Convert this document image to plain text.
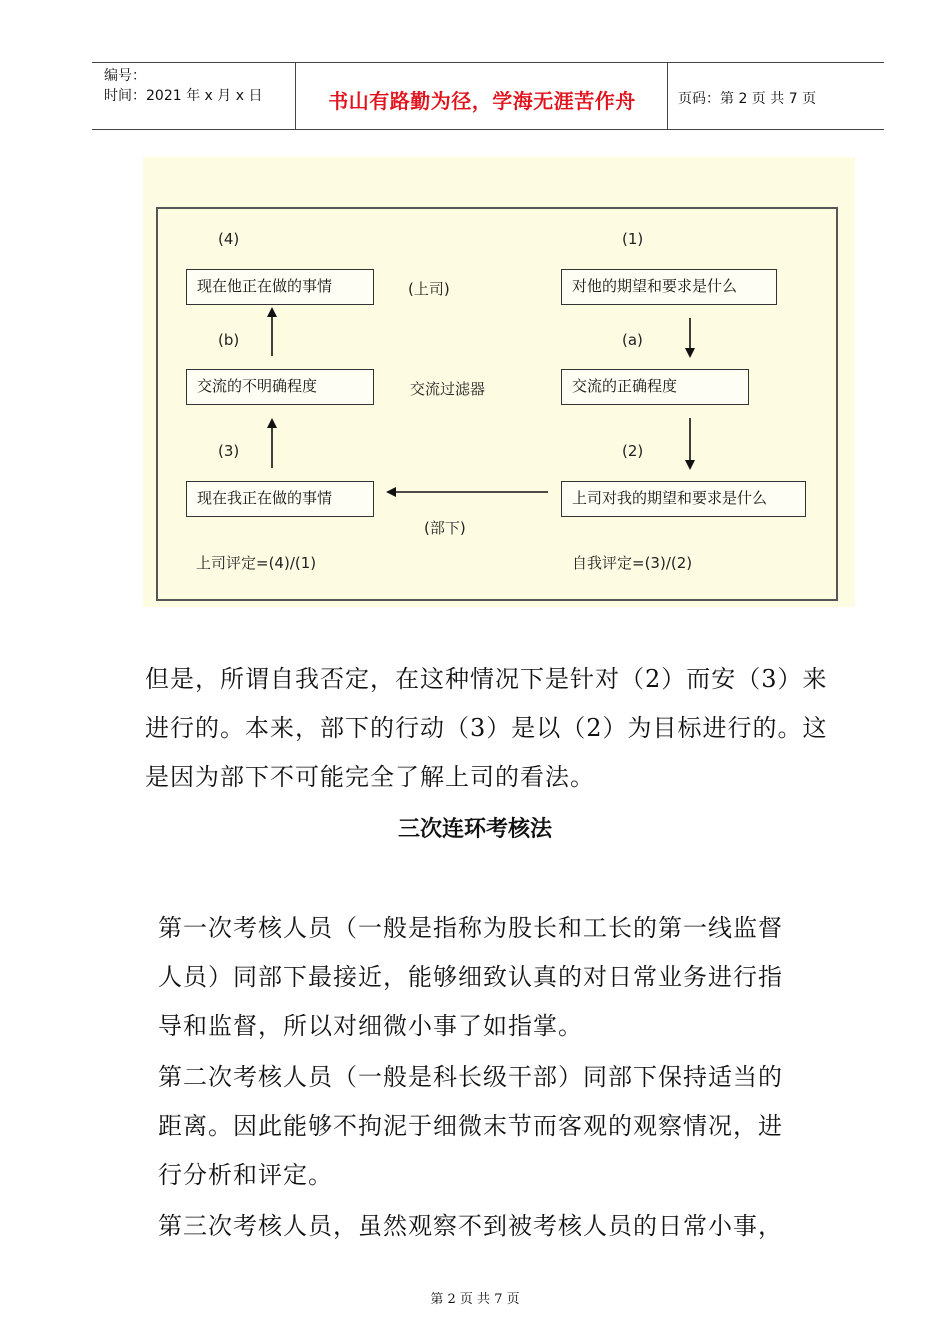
编号：
时间：2021 年 x 月 x 日	书山有路勤为径，学海无涯苦作舟	页码：第 2 页 共 7 页
(4)	(1)
现在他正在做的事情	(上司)	对他的期望和要求是什么
(b)	(a)
交流的不明确程度	交流过滤器	交流的正确程度
(3)	(2)
现在我正在做的事情	上司对我的期望和要求是什么
(部下)
上司评定=(4)/(1)	自我评定=(3)/(2)
但是，所谓自我否定，在这种情况下是针对（2）而安（3）来
进行的。本来，部下的行动（3）是以（2）为目标进行的。这
是因为部下不可能完全了解上司的看法。
三次连环考核法
第一次考核人员（一般是指称为股长和工长的第一线监督
人员）同部下最接近，能够细致认真的对日常业务进行指
导和监督，所以对细微小事了如指掌。
第二次考核人员（一般是科长级干部）同部下保持适当的
距离。因此能够不拘泥于细微末节而客观的观察情况，进
行分析和评定。
第三次考核人员，虽然观察不到被考核人员的日常小事，
第 2 页 共 7 页
